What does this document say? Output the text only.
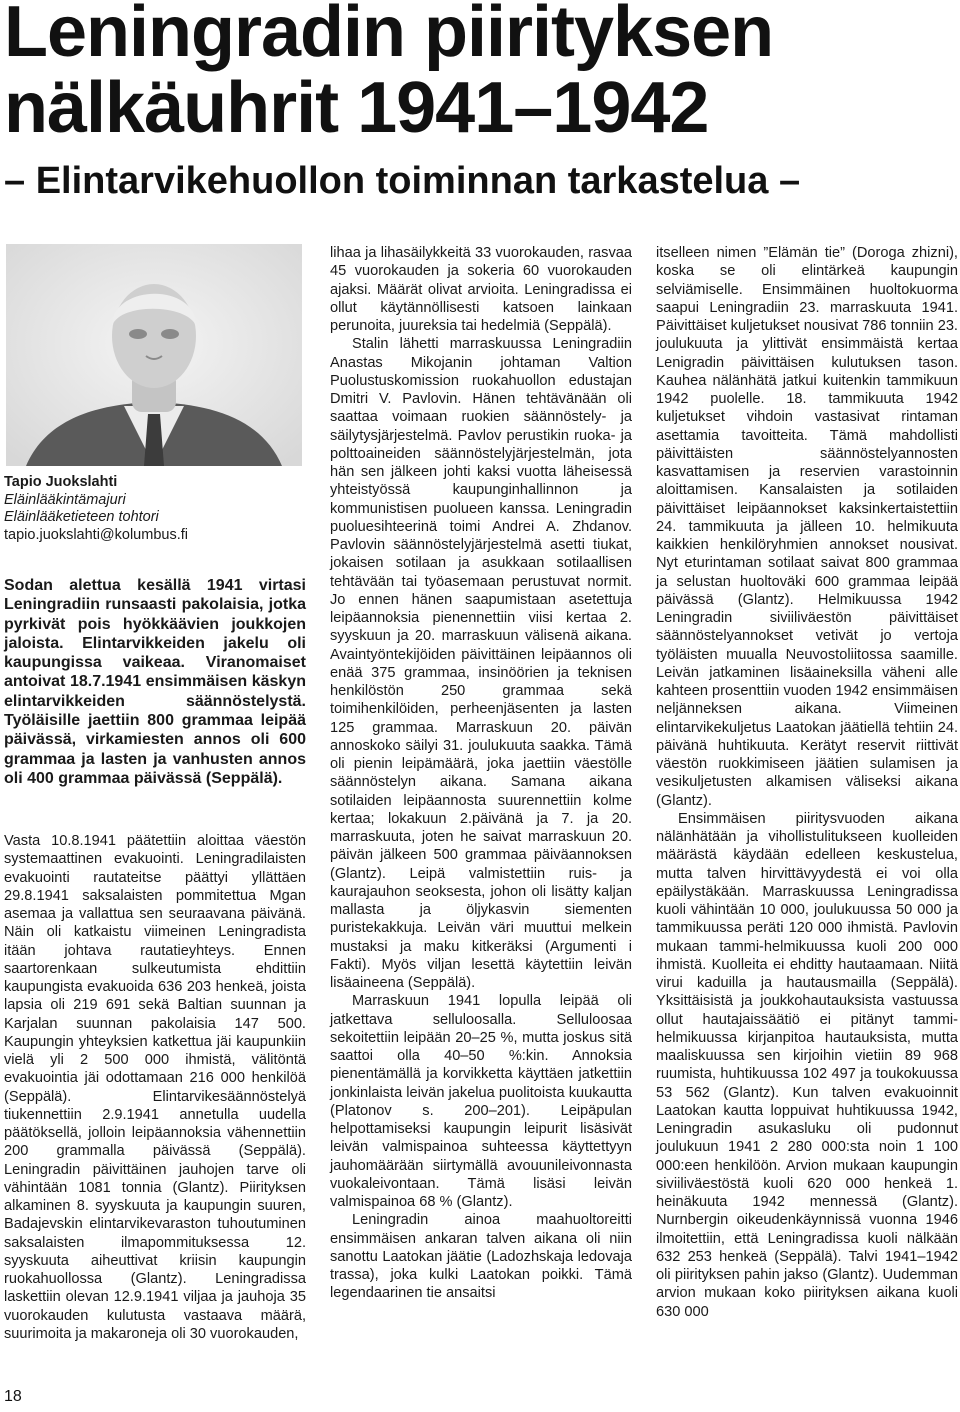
Leningradin piirityksen
nälkäuhrit 1941–1942
– Elintarvikehuollon toiminnan tarkastelua –
Tapio Juokslahti
Eläinlääkintämajuri
Eläinlääketieteen tohtori
tapio.juokslahti@kolumbus.fi

Sodan alettua kesällä 1941 virtasi Leningradiin runsaasti pakolaisia, jotka pyrkivät pois hyökkäävien joukkojen jaloista. Elintarvikkeiden jakelu oli kaupungissa vaikeaa. Viranomaiset antoivat 18.7.1941 ensimmäisen käskyn elintarvikkeiden säännöstelystä. Työläisille jaettiin 800 grammaa leipää päivässä, virkamiesten annos oli 600 grammaa ja lasten ja vanhusten annos oli 400 grammaa päivässä (Seppälä).

Vasta 10.8.1941 päätettiin aloittaa väestön systemaattinen evakuointi. Leningradilaisten evakuointi rautateitse päättyi yllättäen 29.8.1941 saksalaisten pommitettua Mgan asemaa ja vallattua sen seuraavana päivänä. Näin oli katkaistu viimeinen Leningradista itään johtava rautatieyhteys. Ennen saartorenkaan sulkeutumista ehdittiin kaupungista evakuoida 636 203 henkeä, joista lapsia oli 219 691 sekä Baltian suunnan ja Karjalan suunnan pakolaisia 147 500. Kaupungin yhteyksien katkettua jäi kaupunkiin vielä yli 2 500 000 ihmistä, välitöntä evakuointia jäi odottamaan 216 000 henkilöä (Seppälä). Elintarvikesäännöstelyä tiukennettiin 2.9.1941 annetulla uudella päätöksellä, jolloin leipäannoksia vähennettiin 200 grammalla päivässä (Seppälä). Leningradin päivittäinen jauhojen tarve oli vähintään 1081 tonnia (Glantz). Piirityksen alkaminen 8. syyskuuta ja kaupungin suuren, Badajevskin elintarvikevaraston tuhoutuminen saksalaisten ilmapommituksessa 12. syyskuuta aiheuttivat kriisin kaupungin ruokahuollossa (Glantz). Leningradissa laskettiin olevan 12.9.1941 viljaa ja jauhoja 35 vuorokauden kulutusta vastaava määrä, suurimoita ja makaroneja oli 30 vuorokauden,

lihaa ja lihasäilykkeitä 33 vuorokauden, rasvaa 45 vuorokauden ja sokeria 60 vuorokauden ajaksi. Määrät olivat arvioita. Leningradissa ei ollut käytännöllisesti katsoen lainkaan perunoita, juureksia tai hedelmiä (Seppälä).

Stalin lähetti marraskuussa Leningradiin Anastas Mikojanin johtaman Valtion Puolustuskomission ruokahuollon edustajan Dmitri V. Pavlovin. Hänen tehtävänään oli saattaa voimaan ruokien säännöstely- ja säilytysjärjestelmä. Pavlov perustikin ruoka- ja polttoaineiden säännöstelyjärjestelmän, jota hän sen jälkeen johti kaksi vuotta läheisessä yhteistyössä kaupunginhallinnon ja kommunistisen puolueen kanssa. Leningradin puoluesihteerinä toimi Andrei A. Zhdanov. Pavlovin säännöstelyjärjestelmä asetti tiukat, jokaisen sotilaan ja asukkaan sotilaallisen tehtävään tai työasemaan perustuvat normit. Jo ennen hänen saapumistaan asetettuja leipäannoksia pienennettiin viisi kertaa 2. syyskuun ja 20. marraskuun välisenä aikana. Avaintyöntekijöiden päivittäinen leipäannos oli enää 375 grammaa, insinöörien ja teknisen henkilöstön 250 grammaa sekä toimihenkilöiden, perheenjäsenten ja lasten 125 grammaa. Marraskuun 20. päivän annoskoko säilyi 31. joulukuuta saakka. Tämä oli pienin leipämäärä, joka jaettiin väestölle säännöstelyn aikana. Samana aikana sotilaiden leipäannosta suurennettiin kolme kertaa; lokakuun 2.päivänä ja 7. ja 20. marraskuuta, joten he saivat marraskuun 20. päivän jälkeen 500 grammaa päiväannoksen (Glantz). Leipä valmistettiin ruis- ja kaurajauhon seoksesta, johon oli lisätty kaljan mallasta ja öljykasvin siementen puristekakkuja. Leivän väri muuttui melkein mustaksi ja maku kitkeräksi (Argumenti i Fakti). Myös viljan lesettä käytettiin leivän lisäaineena (Seppälä).

Marraskuun 1941 lopulla leipää oli jatkettava selluloosalla. Selluloosaa sekoitettiin leipään 20–25 %, mutta joskus sitä saattoi olla 40–50 %:kin. Annoksia pienentämällä ja korvikketta käyttäen jatkettiin jonkinlaista leivän jakelua puolitoista kuukautta (Platonov s. 200–201). Leipäpulan helpottamiseksi kaupungin leipurit lisäsivät leivän valmispainoa suhteessa käyttettyyn jauhomäärään siirtymällä avouunileivonnasta vuokaleivontaan. Tämä lisäsi leivän valmispainoa 68 % (Glantz).

Leningradin ainoa maahuoltoreitti ensimmäisen ankaran talven aikana oli niin sanottu Laatokan jäätie (Ladozhskaja ledovaja trassa), joka kulki Laatokan poikki. Tämä legendaarinen tie ansaitsi

itselleen nimen ”Elämän tie” (Doroga zhizni), koska se oli elintärkeä kaupungin selviämiselle. Ensimmäinen huoltokuorma saapui Leningradiin 23. marraskuuta 1941. Päivittäiset kuljetukset nousivat 786 tonniin 23. joulukuuta ja ylittivät ensimmäistä kertaa Lenigradin päivittäisen kulutuksen tason. Kauhea nälänhätä jatkui kuitenkin tammikuun 1942 puolelle. 18. tammikuuta 1942 kuljetukset vihdoin vastasivat rintaman asettamia tavoitteita. Tämä mahdollisti päivittäisten säännöstelyannosten kasvattamisen ja reservien varastoinnin aloittamisen. Kansalaisten ja sotilaiden päivittäiset leipäannokset kaksinkertaistettiin 24. tammikuuta ja jälleen 10. helmikuuta kaikkien henkilöryhmien annokset nousivat. Nyt eturintaman sotilaat saivat 800 grammaa ja selustan huoltoväki 600 grammaa leipää päivässä (Glantz). Helmikuussa 1942 Leningradin siviiliväestön päivittäiset säännöstelyannokset vetivät jo vertoja työläisten muualla Neuvostoliitossa saamille. Leivän jatkaminen lisäaineksilla väheni alle kahteen prosenttiin vuoden 1942 ensimmäisen neljänneksen aikana. Viimeinen elintarvikekuljetus Laatokan jäätiellä tehtiin 24. päivänä huhtikuuta. Kerätyt reservit riittivät väestön ruokkimiseen jäätien sulamisen ja vesikuljetusten alkamisen väliseksi aikana (Glantz).

Ensimmäisen piiritysvuoden aikana nälänhätään ja vihollistulitukseen kuolleiden määrästä käydään edelleen keskustelua, mutta talven hirvittävyydestä ei voi olla epäilystäkään. Marraskuussa Leningradissa kuoli vähintään 10 000, joulukuussa 50 000 ja tammikuussa peräti 120 000 ihmistä. Pavlovin mukaan tammi-helmikuussa kuoli 200 000 ihmistä. Kuolleita ei ehditty hautaamaan. Niitä virui kaduilla ja hautausmailla (Seppälä). Yksittäisistä ja joukkohautauksista vastuussa ollut hautajaissäätiö ei pitänyt tammi-helmikuussa kirjanpitoa hautauksista, mutta maaliskuussa sen kirjoihin vietiin 89 968 ruumista, huhtikuussa 102 497 ja toukokuussa 53 562 (Glantz). Kun talven evakuoinnit Laatokan kautta loppuivat huhtikuussa 1942, Leningradin asukasluku oli pudonnut joulukuun 1941 2 280 000:sta noin 1 100 000:een henkilöön. Arvion mukaan kaupungin siviiliväestöstä kuoli 620 000 henkeä 1. heinäkuuta 1942 mennessä (Glantz). Nurnbergin oikeudenkäynnissä vuonna 1946 ilmoitettiin, että Leningradissa kuoli nälkään 632 253 henkeä (Seppälä). Talvi 1941–1942 oli piirityksen pahin jakso (Glantz). Uudemman arvion mukaan koko piirityksen aikana kuoli 630 000

18
